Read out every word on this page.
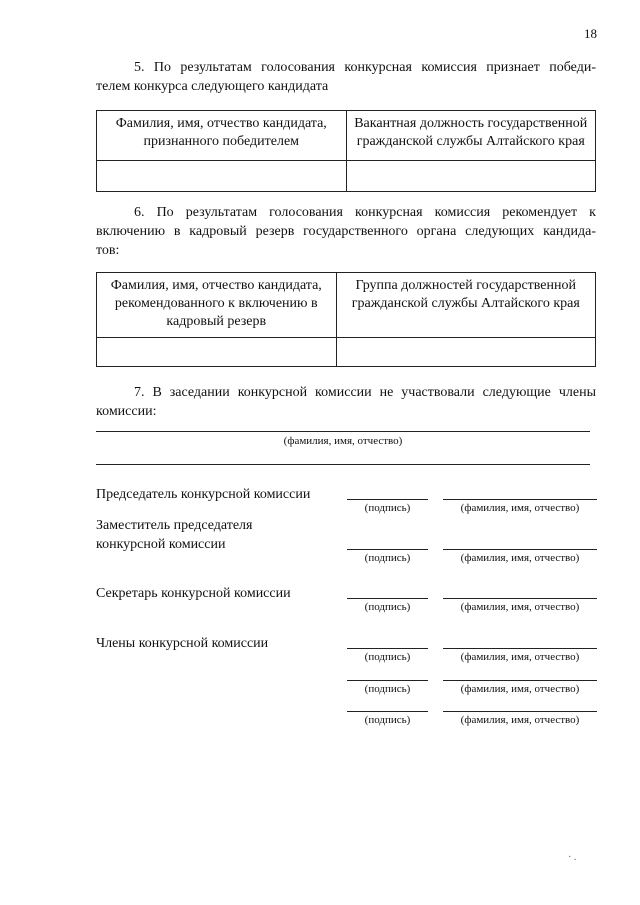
18
5. По результатам голосования конкурсная комиссия признает победи-
телем конкурса следующего кандидата
Фамилия, имя, отчество кандидата, признанного победителем	Вакантная должность государственной гражданской службы Алтайского края

6. По результатам голосования конкурсная комиссия рекомендует к
включению в кадровый резерв государственного органа следующих кандида-
тов:
Фамилия, имя, отчество кандидата, рекомендованного к включению в кадровый резерв	Группа должностей государственной гражданской службы Алтайского края

7. В заседании конкурсной комиссии не участвовали следующие члены
комиссии:
(фамилия, имя, отчество)
Председатель конкурсной комиссии
(подпись)	(фамилия, имя, отчество)
Заместитель председателя
конкурсной комиссии
(подпись)	(фамилия, имя, отчество)
Секретарь конкурсной комиссии
(подпись)	(фамилия, имя, отчество)
Члены конкурсной комиссии
(подпись)	(фамилия, имя, отчество)
(подпись)	(фамилия, имя, отчество)
(подпись)	(фамилия, имя, отчество)
· .
